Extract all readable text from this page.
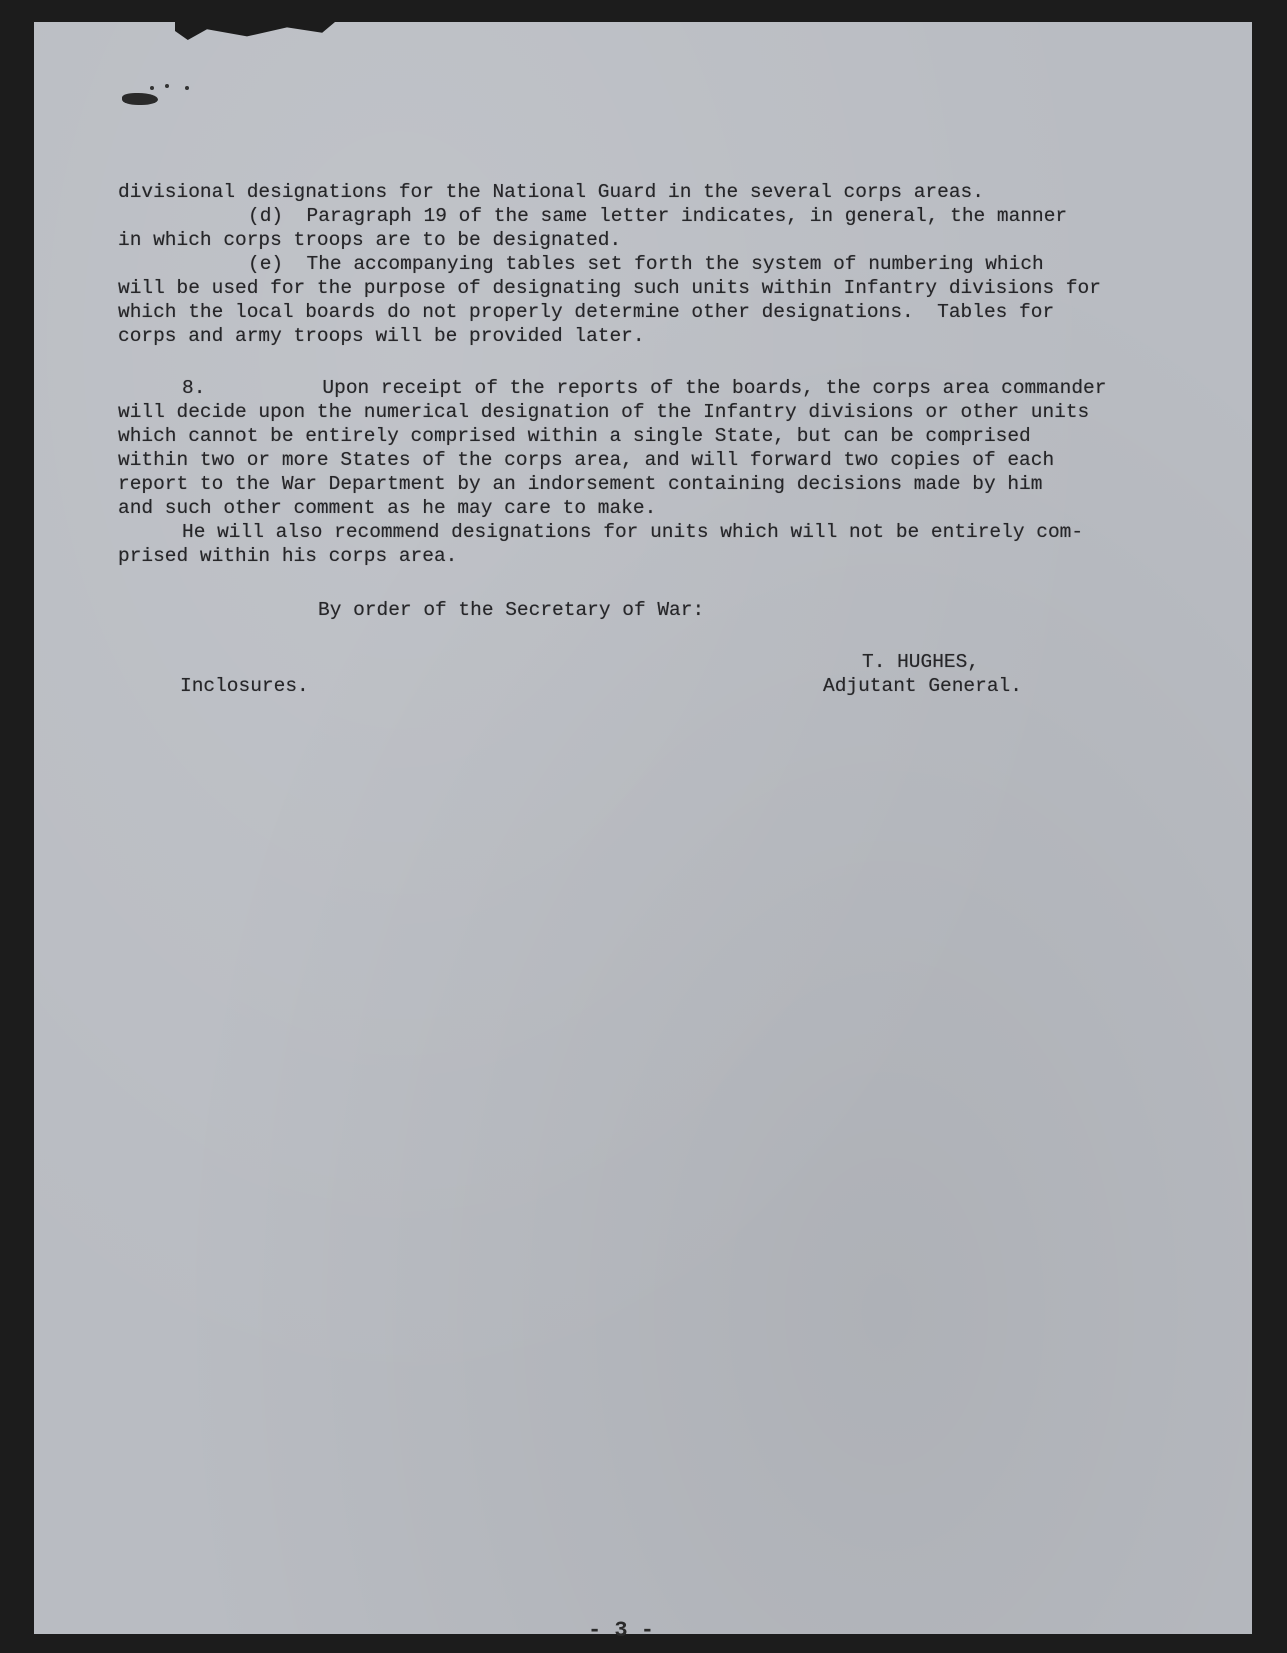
divisional designations for the National Guard in the several corps areas.
(d)  Paragraph 19 of the same letter indicates, in general, the manner
in which corps troops are to be designated.
(e)  The accompanying tables set forth the system of numbering which
will be used for the purpose of designating such units within Infantry divisions for
which the local boards do not properly determine other designations.  Tables for
corps and army troops will be provided later.
8.          Upon receipt of the reports of the boards, the corps area commander
will decide upon the numerical designation of the Infantry divisions or other units
which cannot be entirely comprised within a single State, but can be comprised
within two or more States of the corps area, and will forward two copies of each
report to the War Department by an indorsement containing decisions made by him
and such other comment as he may care to make.
He will also recommend designations for units which will not be entirely com-
prised within his corps area.
By order of the Secretary of War:
T. HUGHES,
Inclosures.	Adjutant General.
- 3 -
